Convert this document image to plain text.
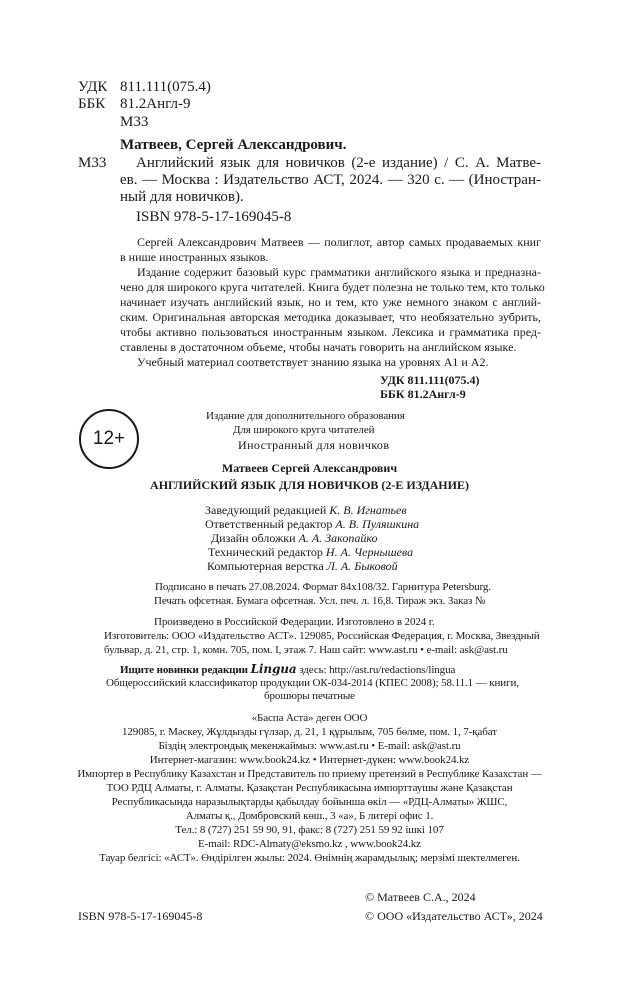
УДК 811.111(075.4)
ББК 81.2Англ-9
М33
Матвеев, Сергей Александрович.
М33 Английский язык для новичков (2-е издание) / С. А. Матве-
ев. — Москва : Издательство АСТ, 2024. — 320 с. — (Иностран-
ный для новичков).
ISBN 978-5-17-169045-8
Сергей Александрович Матвеев — полиглот, автор самых продаваемых книг
в нише иностранных языков.
Издание содержит базовый курс грамматики английского языка и предназна-
чено для широкого круга читателей. Книга будет полезна не только тем, кто только
начинает изучать английский язык, но и тем, кто уже немного знаком с англий-
ским. Оригинальная авторская методика доказывает, что необязательно зубрить,
чтобы активно пользоваться иностранным языком. Лексика и грамматика пред-
ставлены в достаточном объеме, чтобы начать говорить на английском языке.
Учебный материал соответствует знанию языка на уровнях A1 и A2.
УДК 811.111(075.4)
ББК 81.2Англ-9
12+
Издание для дополнительного образования
Для широкого круга читателей
Иностранный для новичков
Матвеев Сергей Александрович
АНГЛИЙСКИЙ ЯЗЫК ДЛЯ НОВИЧКОВ (2-Е ИЗДАНИЕ)
Заведующий редакцией К. В. Игнатьев
Ответственный редактор А. В. Пуляшкина
Дизайн обложки А. А. Закопайко
Технический редактор Н. А. Чернышева
Компьютерная верстка Л. А. Быковой
Подписано в печать 27.08.2024. Формат 84x108/32. Гарнитура Petersburg.
Печать офсетная. Бумага офсетная. Усл. печ. л. 16,8. Тираж экз. Заказ №
Произведено в Российской Федерации. Изготовлено в 2024 г.
Изготовитель: ООО «Издательство АСТ». 129085, Российская Федерация, г. Москва, Звездный
бульвар, д. 21, стр. 1, комн. 705, пом. I, этаж 7. Наш сайт: www.ast.ru • e-mail: ask@ast.ru
Ищите новинки редакции Lingua здесь: http://ast.ru/redactions/lingua
Общероссийский классификатор продукции ОК-034-2014 (КПЕС 2008); 58.11.1 — книги,
брошюры печатные
«Баспа Аста» деген ООО
129085, г. Мәскеу, Жұлдызды гүлзар, д. 21, 1 құрылым, 705 бөлме, пом. 1, 7-қабат
Біздің электрондық мекенжаймыз: www.ast.ru • E-mail: ask@ast.ru
Интернет-магазин: www.book24.kz • Интернет-дүкен: www.book24.kz
Импортер в Республику Казахстан и Представитель по приему претензий в Республике Казахстан —
ТОО РДЦ Алматы, г. Алматы. Қазақстан Республикасына импорттаушы және Қазақстан
Республикасында наразылықтарды қабылдау бойынша өкіл — «РДЦ-Алматы» ЖШС,
Алматы қ., Домбровский көш., 3 «а», Б литері офис 1.
Тел.: 8 (727) 251 59 90, 91, факс: 8 (727) 251 59 92 ішкі 107
E-mail: RDC-Almaty@eksmo.kz , www.book24.kz
Тауар белгісі: «АСТ». Өндірілген жылы: 2024. Өнімнің жарамдылық; мерзімі шектелмеген.
ISBN 978-5-17-169045-8
© Матвеев С.А., 2024
© ООО «Издательство АСТ», 2024
